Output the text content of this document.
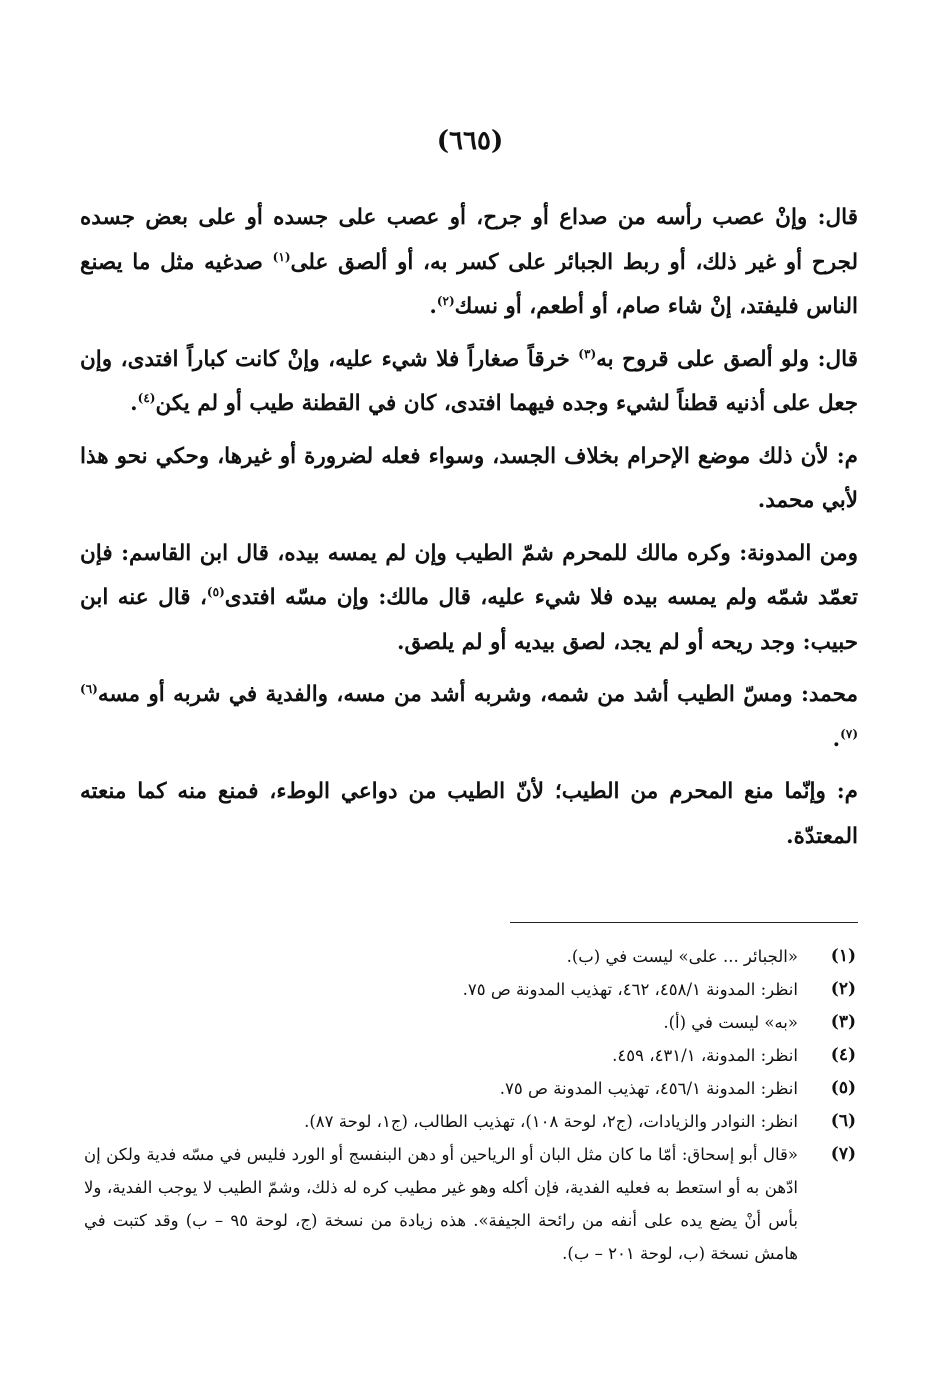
(٦٦٥)

قال: وإنْ عصب رأسه من صداع أو جرح، أو عصب على جسده أو على بعض جسده لجرح أو غير ذلك، أو ربط الجبائر على كسر به، أو ألصق على$^{(١)}$ صدغيه مثل ما يصنع الناس فليفتد، إنْ شاء صام، أو أطعم، أو نسك$^{(٢)}$.

قال: ولو ألصق على قروح به$^{(٣)}$ خرقاً صغاراً فلا شيء عليه، وإنْ كانت كباراً افتدى، وإن جعل على أذنيه قطناً لشيء وجده فيهما افتدى، كان في القطنة طيب أو لم يكن$^{(٤)}$.

م: لأن ذلك موضع الإحرام بخلاف الجسد، وسواء فعله لضرورة أو غيرها، وحكي نحو هذا لأبي محمد.

ومن المدونة: وكره مالك للمحرم شمّ الطيب وإن لم يمسه بيده، قال ابن القاسم: فإن تعمّد شمّه ولم يمسه بيده فلا شيء عليه، قال مالك: وإن مسّه افتدى$^{(٥)}$، قال عنه ابن حبيب: وجد ريحه أو لم يجد، لصق بيديه أو لم يلصق.

محمد: ومسّ الطيب أشد من شمه، وشربه أشد من مسه، والفدية في شربه أو مسه$^{(٦)(٧)}$.

م: وإنّما منع المحرم من الطيب؛ لأنّ الطيب من دواعي الوطء، فمنع منه كما منعته المعتدّة.

(١)
«الجبائر ... على» ليست في (ب).
(٢)
انظر: المدونة ٤٥٨/١، ٤٦٢، تهذيب المدونة ص ٧٥.
(٣)
«به» ليست في (أ).
(٤)
انظر: المدونة، ٤٣١/١، ٤٥٩.
(٥)
انظر: المدونة ٤٥٦/١، تهذيب المدونة ص ٧٥.
(٦)
انظر: النوادر والزيادات، (ج٢، لوحة ١٠٨)، تهذيب الطالب، (ج١، لوحة ٨٧).
(٧)
«قال أبو إسحاق: أمّا ما كان مثل البان أو الرياحين أو دهن البنفسج أو الورد فليس في مسّه فدية ولكن إن ادّهن به أو استعط به فعليه الفدية، فإن أكله وهو غير مطيب كره له ذلك، وشمّ الطيب لا يوجب الفدية، ولا بأس أنْ يضع يده على أنفه من رائحة الجيفة». هذه زيادة من نسخة (ج، لوحة ٩٥ – ب) وقد كتبت في هامش نسخة (ب، لوحة ٢٠١ – ب).
